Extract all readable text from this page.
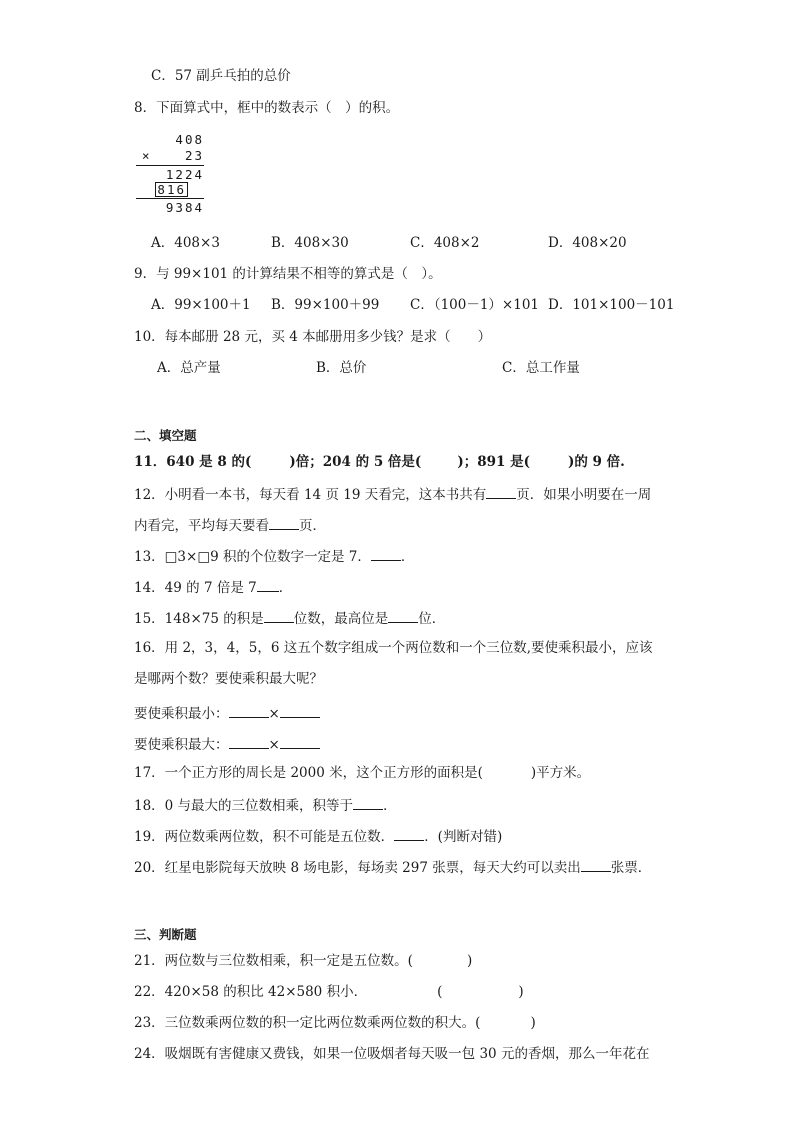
C．57 副乒乓拍的总价
8．下面算式中，框中的数表示（　）的积。
408
23
×
1224
816
9384
A．408×3	B．408×30	C．408×2	D．408×20
9．与 99×101 的计算结果不相等的算式是（　）。
A．99×100＋1 B．99×100＋99 C．（100－1）×101 D．101×100－101
10．每本邮册 28 元，买 4 本邮册用多少钱？是求（　　）
A．总产量	B．总价	C．总工作量
二、填空题
11．640 是 8 的(	)倍；204 的 5 倍是(	)；891 是(	)的 9 倍.
12．小明看一本书，每天看 14 页 19 天看完，这本书共有 页．如果小明要在一周
内看完，平均每天要看 页．
13．□3×□9 积的个位数字一定是 7． ．
14．49 的 7 倍是 7 ．
15．148×75 的积是 位数，最高位是 位．
16．用 2，3，4，5，6 这五个数字组成一个两位数和一个三位数,要使乘积最小，应该
是哪两个数？要使乘积最大呢？
要使乘积最小：	×
要使乘积最大：	×
17．一个正方形的周长是 2000 米，这个正方形的面积是(	)平方米。
18．0 与最大的三位数相乘，积等于 ．
19．两位数乘两位数，积不可能是五位数． ．(判断对错)
20．红星电影院每天放映 8 场电影，每场卖 297 张票，每天大约可以卖出 张票．
三、判断题
21．两位数与三位数相乘，积一定是五位数。(	)
22．420×58 的积比 42×580 积小．	(	)
23．三位数乘两位数的积一定比两位数乘两位数的积大。(	)
24．吸烟既有害健康又费钱，如果一位吸烟者每天吸一包 30 元的香烟，那么一年花在
